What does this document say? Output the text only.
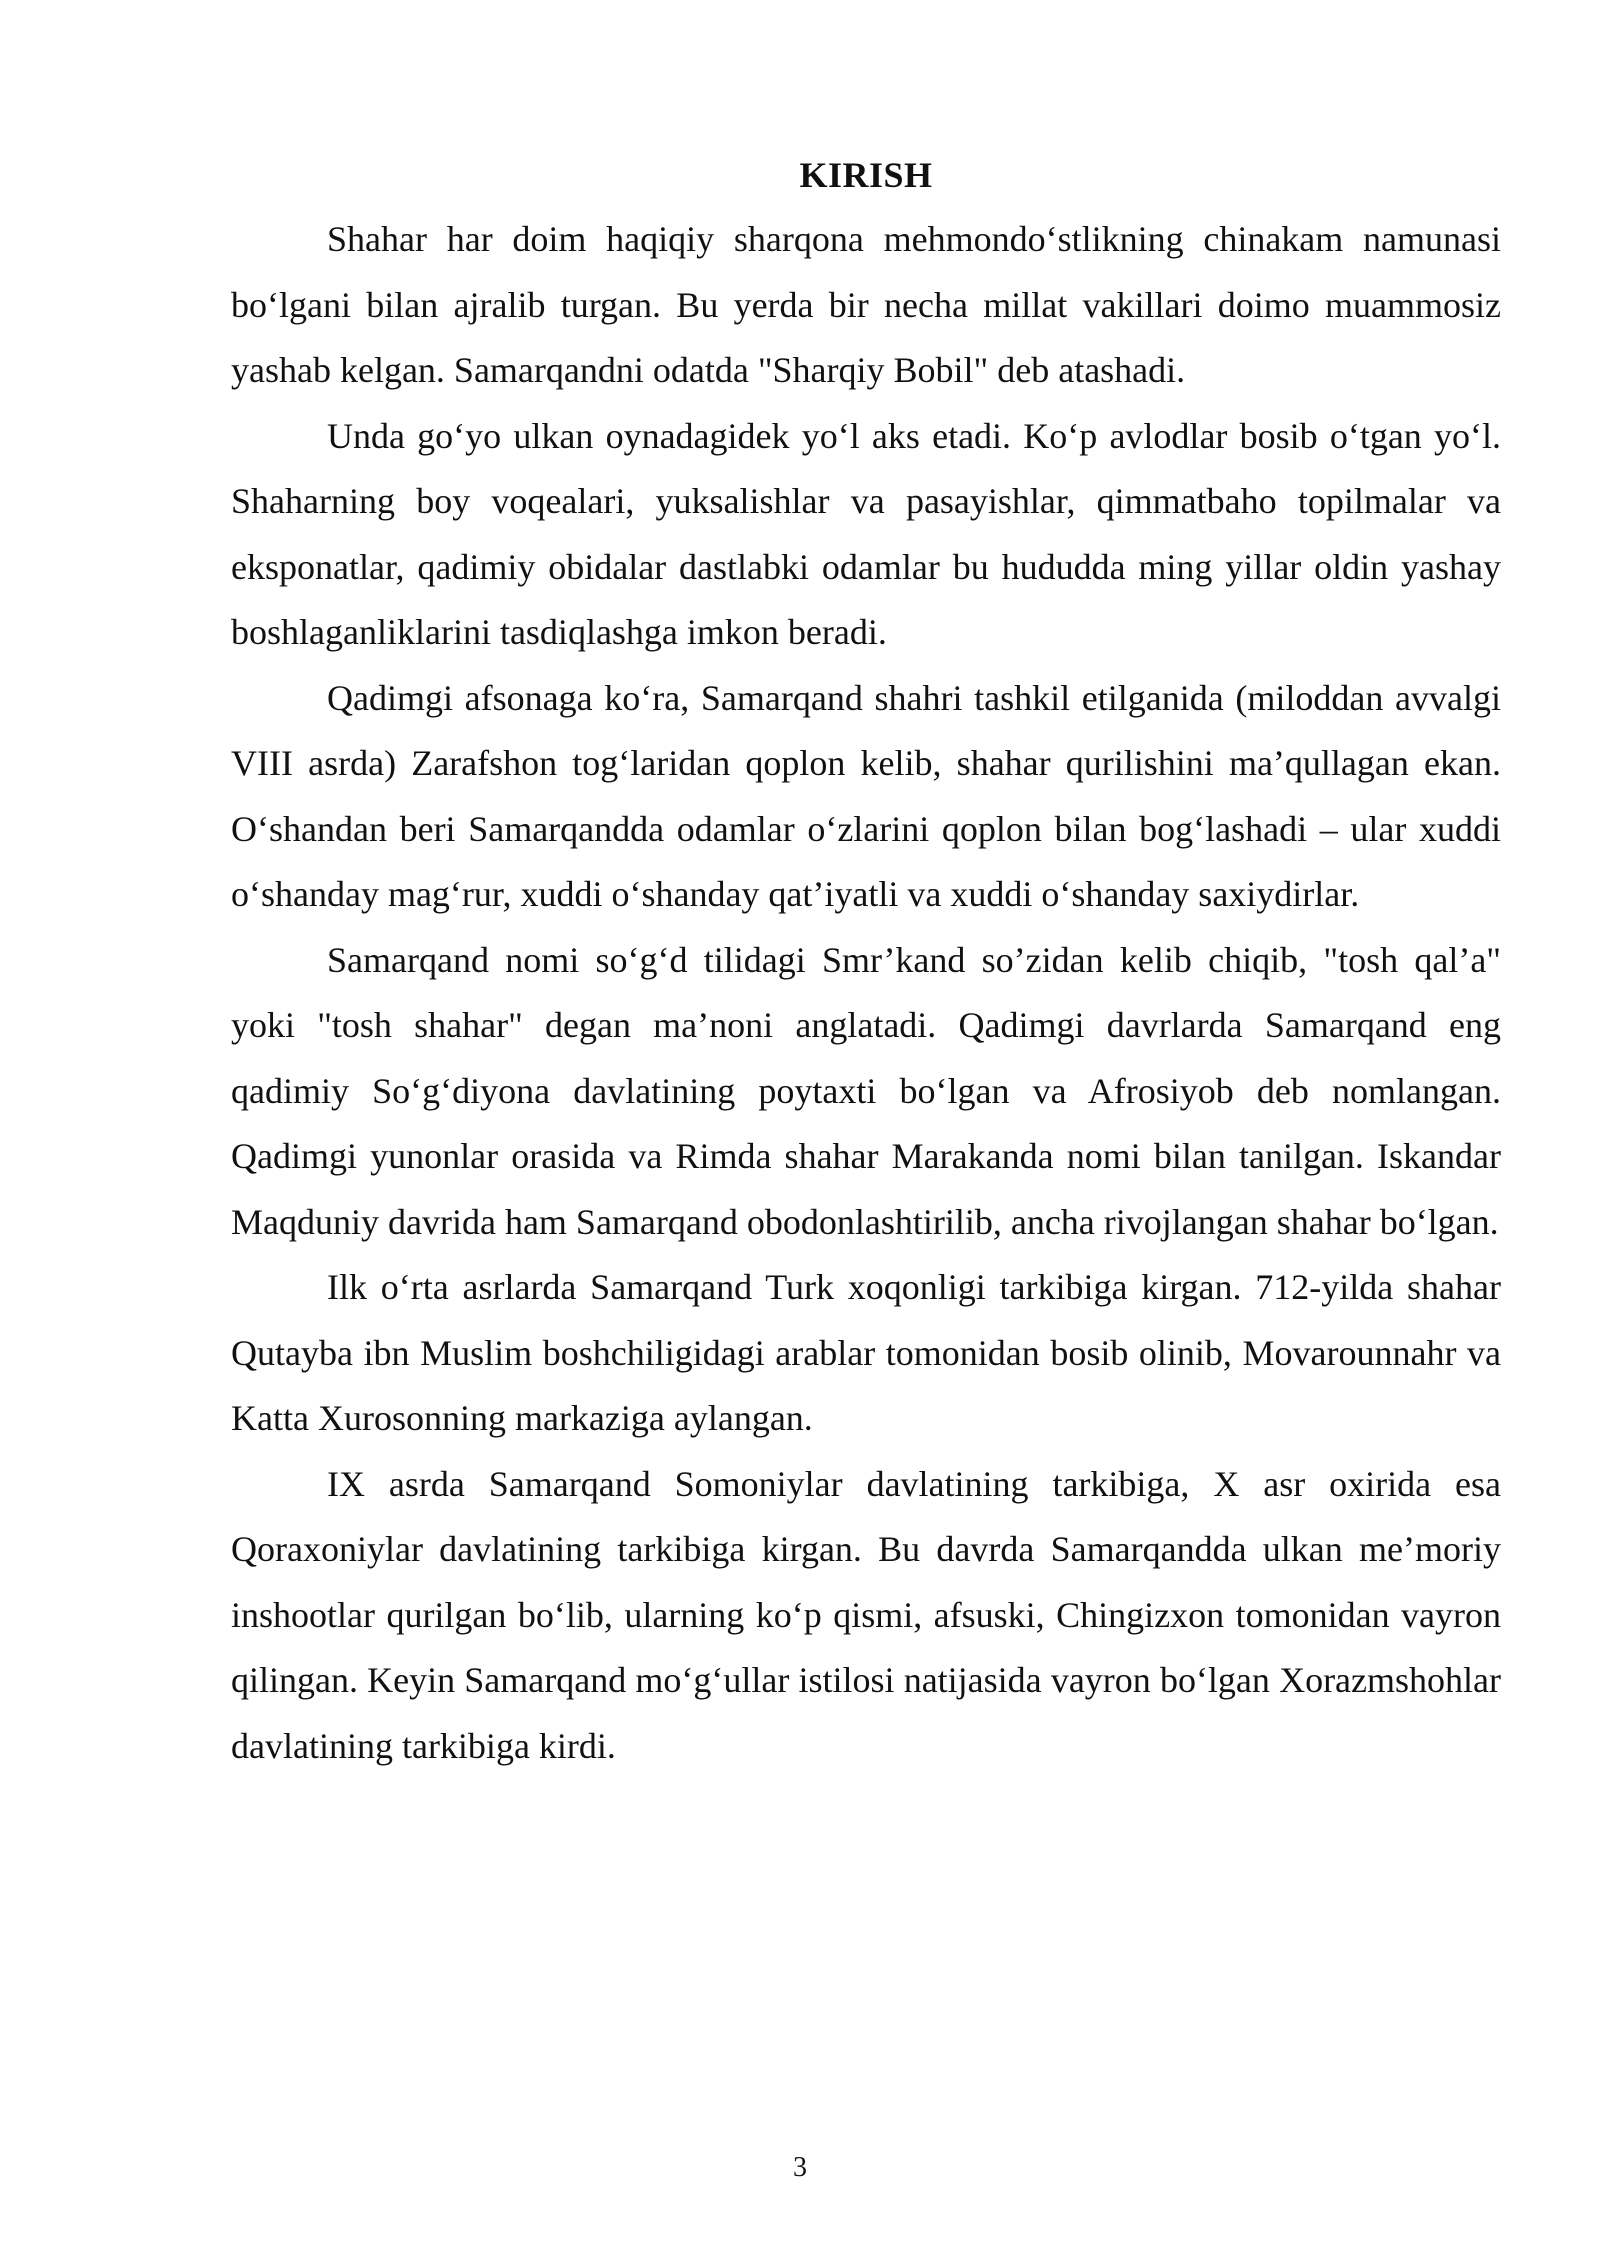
KIRISH

Shahar har doim haqiqiy sharqona mehmondo‘stlikning chinakam namunasi bo‘lgani bilan ajralib turgan. Bu yerda bir necha millat vakillari doimo muammosiz yashab kelgan. Samarqandni odatda "Sharqiy Bobil" deb atashadi.

Unda go‘yo ulkan oynadagidek yo‘l aks etadi. Ko‘p avlodlar bosib o‘tgan yo‘l. Shaharning boy voqealari, yuksalishlar va pasayishlar, qimmatbaho topilmalar va eksponatlar, qadimiy obidalar dastlabki odamlar bu hududda ming yillar oldin yashay boshlaganliklarini tasdiqlashga imkon beradi.

Qadimgi afsonaga ko‘ra, Samarqand shahri tashkil etilganida (miloddan avvalgi VIII asrda) Zarafshon tog‘laridan qoplon kelib, shahar qurilishini ma’qullagan ekan. O‘shandan beri Samarqandda odamlar o‘zlarini qoplon bilan bog‘lashadi – ular xuddi o‘shanday mag‘rur, xuddi o‘shanday qat’iyatli va xuddi o‘shanday saxiydirlar.

Samarqand nomi so‘g‘d tilidagi Smr’kand so’zidan kelib chiqib, "tosh qal’a" yoki "tosh shahar" degan ma’noni anglatadi. Qadimgi davrlarda Samarqand eng qadimiy So‘g‘diyona davlatining poytaxti bo‘lgan va Afrosiyob deb nomlangan. Qadimgi yunonlar orasida va Rimda shahar Marakanda nomi bilan tanilgan. Iskandar Maqduniy davrida ham Samarqand obodonlashtirilib, ancha rivojlangan shahar bo‘lgan.

Ilk o‘rta asrlarda Samarqand Turk xoqonligi tarkibiga kirgan. 712-yilda shahar Qutayba ibn Muslim boshchiligidagi arablar tomonidan bosib olinib, Movarounnahr va Katta Xurosonning markaziga aylangan.

IX asrda Samarqand Somoniylar davlatining tarkibiga, X asr oxirida esa Qoraxoniylar davlatining tarkibiga kirgan. Bu davrda Samarqandda ulkan me’moriy inshootlar qurilgan bo‘lib, ularning ko‘p qismi, afsuski, Chingizxon tomonidan vayron qilingan. Keyin Samarqand mo‘g‘ullar istilosi natijasida vayron bo‘lgan Xorazmshohlar davlatining tarkibiga kirdi.

3
